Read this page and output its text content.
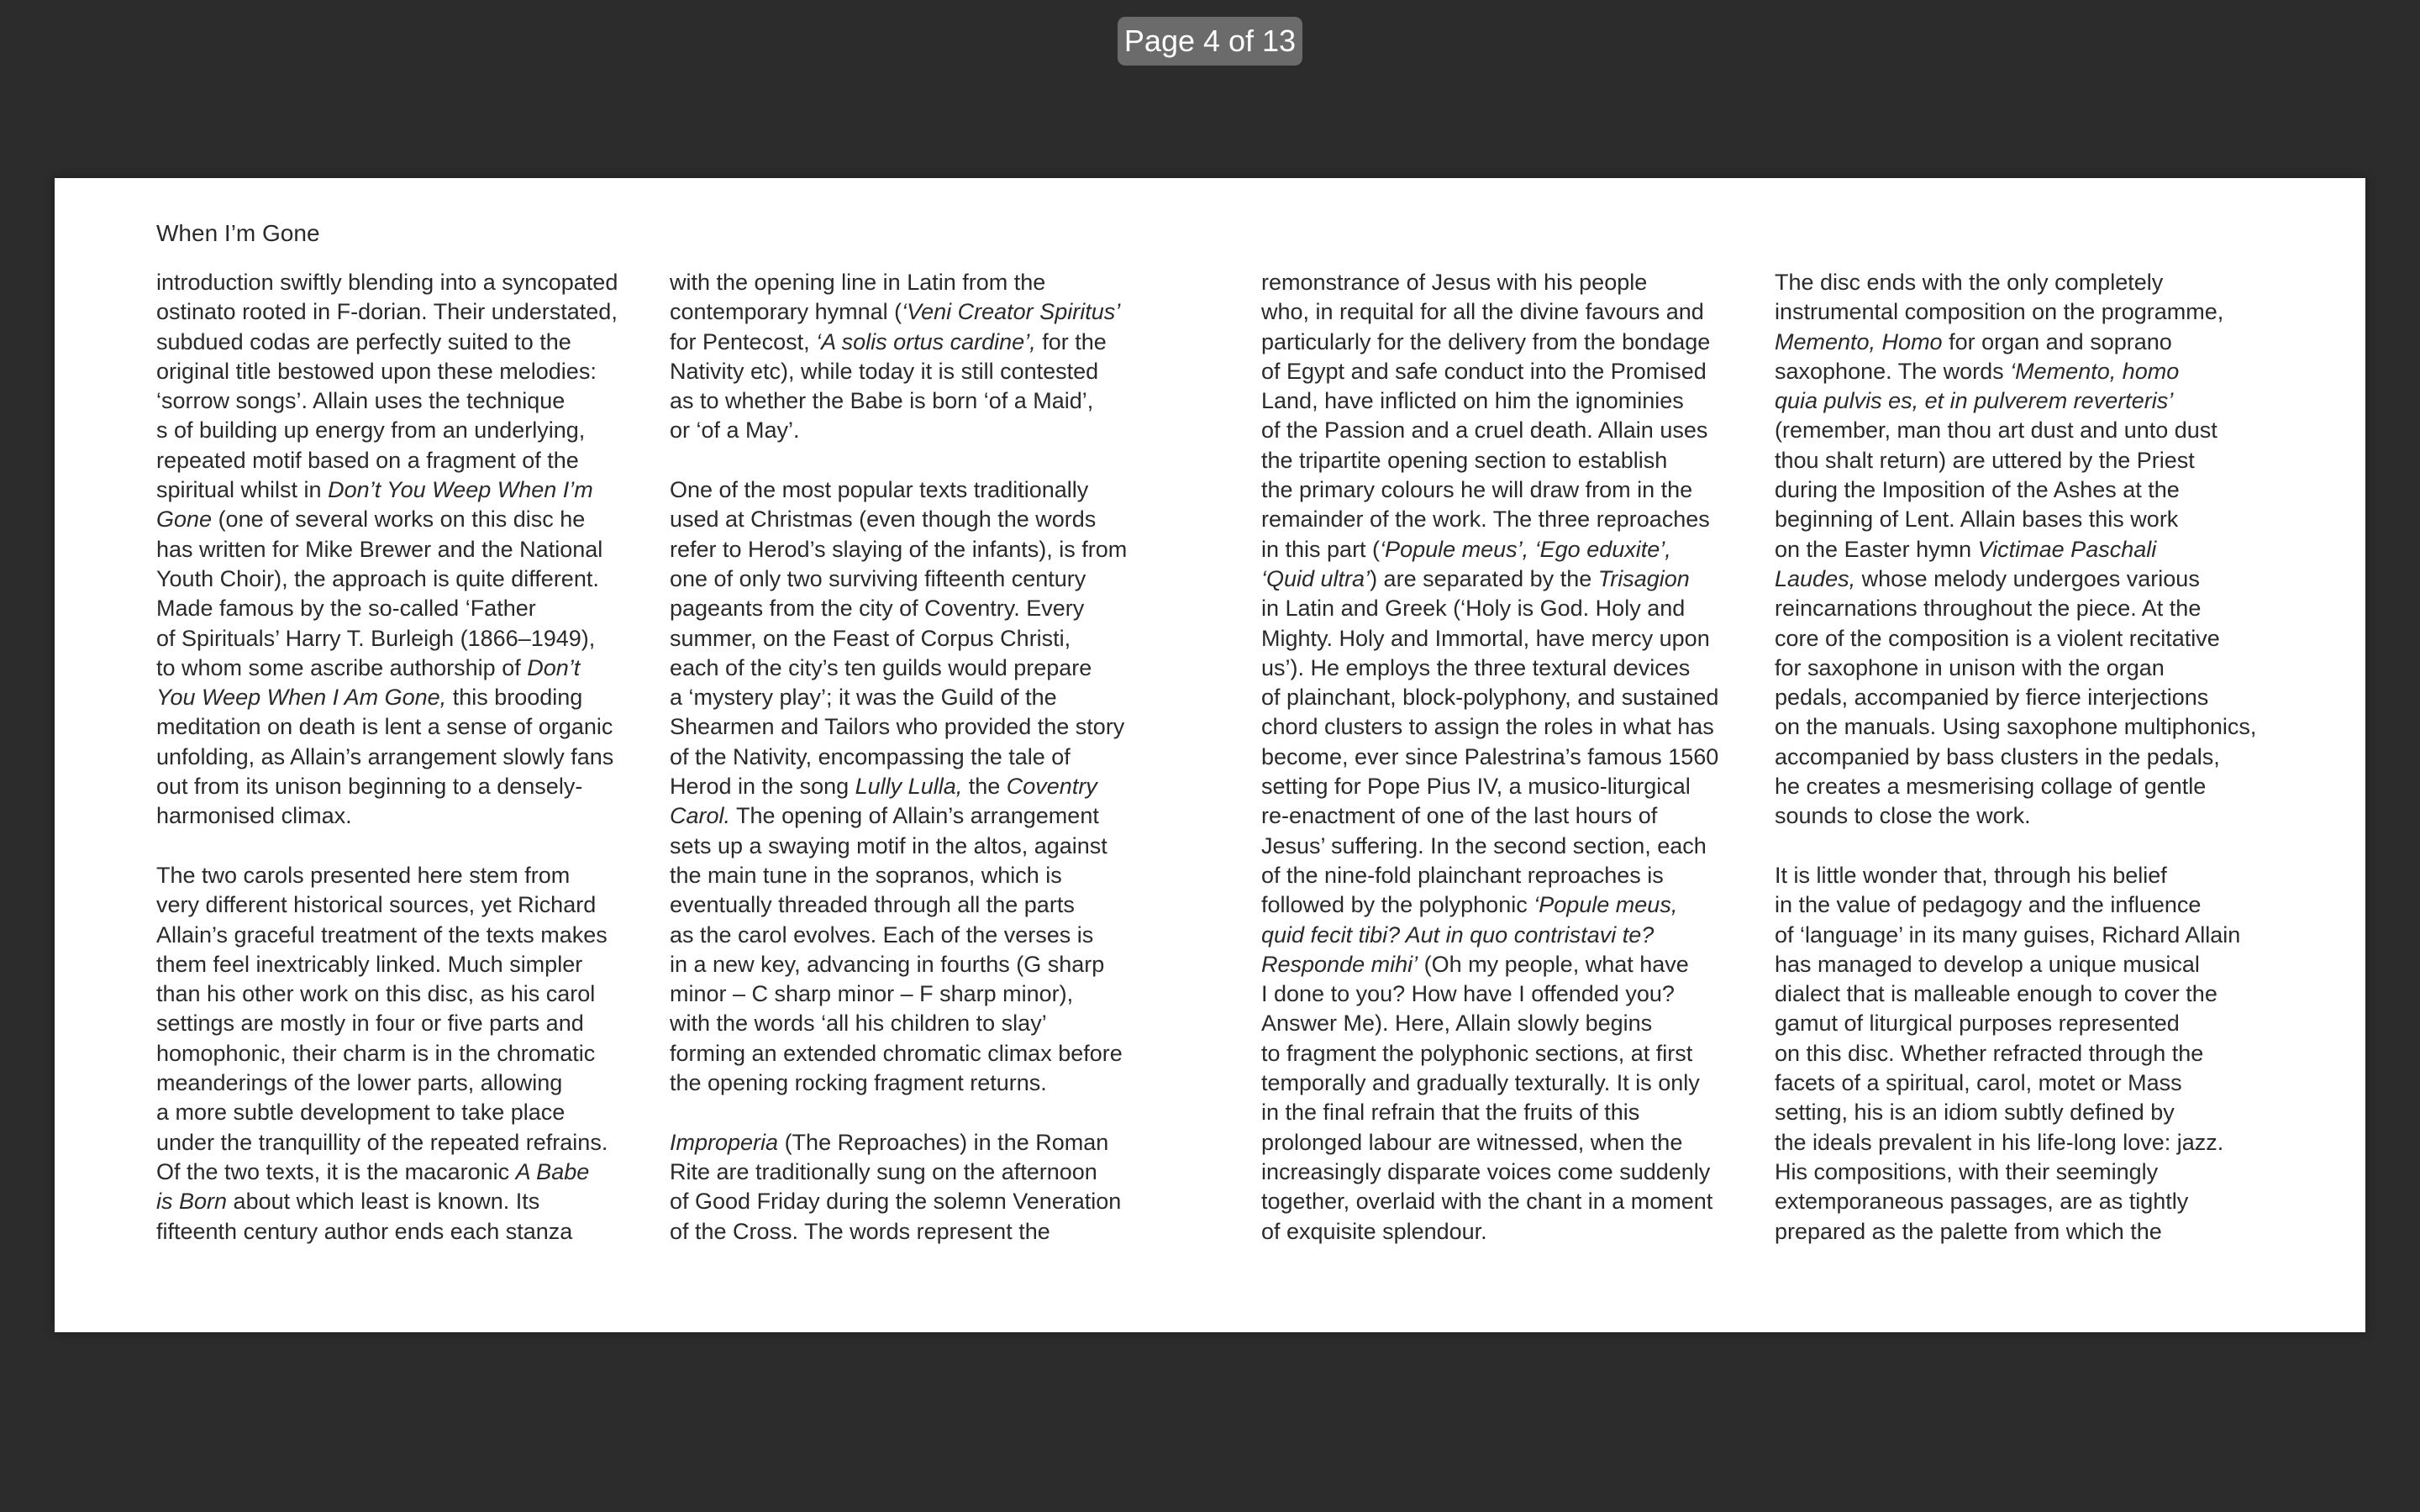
Page 4 of 13
When I’m Gone
introduction swiftly blending into a syncopated
ostinato rooted in F-dorian. Their understated,
subdued codas are perfectly suited to the
original title bestowed upon these melodies:
‘sorrow songs’. Allain uses the technique
s of building up energy from an underlying,
repeated motif based on a fragment of the
spiritual whilst in Don’t You Weep When I’m
Gone (one of several works on this disc he
has written for Mike Brewer and the National
Youth Choir), the approach is quite different.
Made famous by the so-called ‘Father
of Spirituals’ Harry T. Burleigh (1866–1949),
to whom some ascribe authorship of Don’t
You Weep When I Am Gone, this brooding
meditation on death is lent a sense of organic
unfolding, as Allain’s arrangement slowly fans
out from its unison beginning to a densely-
harmonised climax.
The two carols presented here stem from
very different historical sources, yet Richard
Allain’s graceful treatment of the texts makes
them feel inextricably linked. Much simpler
than his other work on this disc, as his carol
settings are mostly in four or five parts and
homophonic, their charm is in the chromatic
meanderings of the lower parts, allowing
a more subtle development to take place
under the tranquillity of the repeated refrains.
Of the two texts, it is the macaronic A Babe
is Born about which least is known. Its
fifteenth century author ends each stanza
with the opening line in Latin from the
contemporary hymnal (‘Veni Creator Spiritus’
for Pentecost, ‘A solis ortus cardine’, for the
Nativity etc), while today it is still contested
as to whether the Babe is born ‘of a Maid’,
or ‘of a May’.
One of the most popular texts traditionally
used at Christmas (even though the words
refer to Herod’s slaying of the infants), is from
one of only two surviving fifteenth century
pageants from the city of Coventry. Every
summer, on the Feast of Corpus Christi,
each of the city’s ten guilds would prepare
a ‘mystery play’; it was the Guild of the
Shearmen and Tailors who provided the story
of the Nativity, encompassing the tale of
Herod in the song Lully Lulla, the Coventry
Carol. The opening of Allain’s arrangement
sets up a swaying motif in the altos, against
the main tune in the sopranos, which is
eventually threaded through all the parts
as the carol evolves. Each of the verses is
in a new key, advancing in fourths (G sharp
minor – C sharp minor – F sharp minor),
with the words ‘all his children to slay’
forming an extended chromatic climax before
the opening rocking fragment returns.
Improperia (The Reproaches) in the Roman
Rite are traditionally sung on the afternoon
of Good Friday during the solemn Veneration
of the Cross. The words represent the
remonstrance of Jesus with his people
who, in requital for all the divine favours and
particularly for the delivery from the bondage
of Egypt and safe conduct into the Promised
Land, have inflicted on him the ignominies
of the Passion and a cruel death. Allain uses
the tripartite opening section to establish
the primary colours he will draw from in the
remainder of the work. The three reproaches
in this part (‘Popule meus’, ‘Ego eduxite’,
‘Quid ultra’) are separated by the Trisagion
in Latin and Greek (‘Holy is God. Holy and
Mighty. Holy and Immortal, have mercy upon
us’). He employs the three textural devices
of plainchant, block-polyphony, and sustained
chord clusters to assign the roles in what has
become, ever since Palestrina’s famous 1560
setting for Pope Pius IV, a musico-liturgical
re-enactment of one of the last hours of
Jesus’ suffering. In the second section, each
of the nine-fold plainchant reproaches is
followed by the polyphonic ‘Popule meus,
quid fecit tibi? Aut in quo contristavi te?
Responde mihi’ (Oh my people, what have
I done to you? How have I offended you?
Answer Me). Here, Allain slowly begins
to fragment the polyphonic sections, at first
temporally and gradually texturally. It is only
in the final refrain that the fruits of this
prolonged labour are witnessed, when the
increasingly disparate voices come suddenly
together, overlaid with the chant in a moment
of exquisite splendour.
The disc ends with the only completely
instrumental composition on the programme,
Memento, Homo for organ and soprano
saxophone. The words ‘Memento, homo
quia pulvis es, et in pulverem reverteris’
(remember, man thou art dust and unto dust
thou shalt return) are uttered by the Priest
during the Imposition of the Ashes at the
beginning of Lent. Allain bases this work
on the Easter hymn Victimae Paschali
Laudes, whose melody undergoes various
reincarnations throughout the piece. At the
core of the composition is a violent recitative
for saxophone in unison with the organ
pedals, accompanied by fierce interjections
on the manuals. Using saxophone multiphonics,
accompanied by bass clusters in the pedals,
he creates a mesmerising collage of gentle
sounds to close the work.
It is little wonder that, through his belief
in the value of pedagogy and the influence
of ‘language’ in its many guises, Richard Allain
has managed to develop a unique musical
dialect that is malleable enough to cover the
gamut of liturgical purposes represented
on this disc. Whether refracted through the
facets of a spiritual, carol, motet or Mass
setting, his is an idiom subtly defined by
the ideals prevalent in his life-long love: jazz.
His compositions, with their seemingly
extemporaneous passages, are as tightly
prepared as the palette from which the
